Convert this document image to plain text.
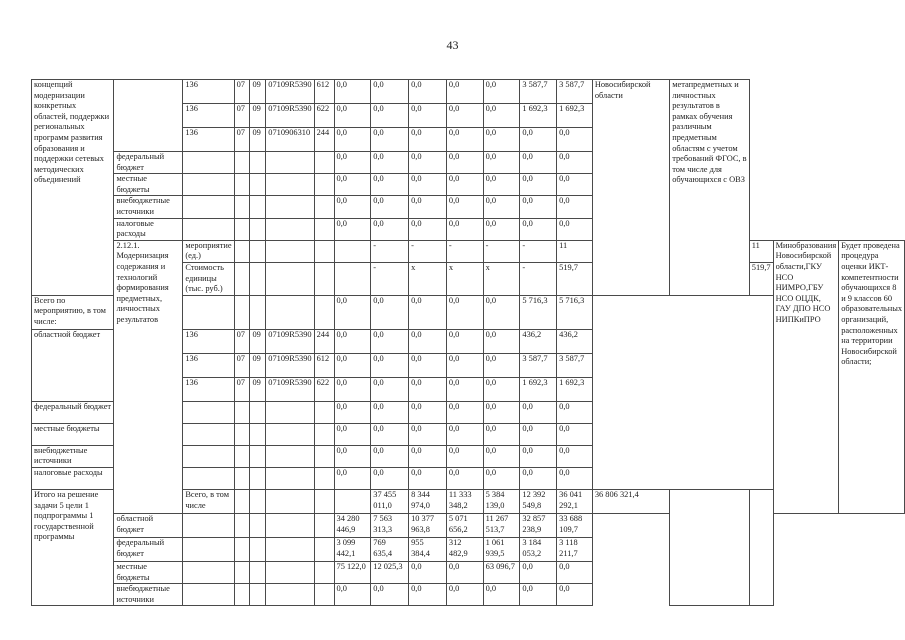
43
концепций модернизации конкретных областей, поддержки региональных программ развития образования и поддержки сетевых методических объединений		136	07	09	07109R5390	612	0,0	0,0	0,0	0,0	0,0	3 587,7	3 587,7	Новосибирской области	метапредметных и личностных результатов в рамках обучения различным предметным областям с учетом требований ФГОС, в том числе для обучающихся с ОВЗ			
		136	07	09	07109R5390	622	0,0	0,0	0,0	0,0	0,0	1 692,3	1 692,3					
		136	07	09	0710906310	244	0,0	0,0	0,0	0,0	0,0	0,0	0,0					
	федеральный бюджет						0,0	0,0	0,0	0,0	0,0	0,0	0,0					
	местные бюджеты						0,0	0,0	0,0	0,0	0,0	0,0	0,0					
	внебюджетные источники						0,0	0,0	0,0	0,0	0,0	0,0	0,0					
	налоговые расходы						0,0	0,0	0,0	0,0	0,0	0,0	0,0					
	2.12.1. Модернизация содержания и технологий формирования предметных, личностных результатов	мероприятие (ед.)						-	-	-	-	-	11			11	Минобразования Новосибирской области,ГКУ НСО НИМРО,ГБУ НСО ОЦДК, ГАУ ДПО НСО НИПКиПРО	Будет проведена процедура оценки ИКТ-компетентности обучающихся 8 и 9 классов 60 образовательных организаций, расположенных на территории Новосибирской области;
		Стоимость единицы (тыс. руб.)						-	x	x	x	-	519,7			519,7		
Всего по мероприятию, в том числе:							0,0	0,0	0,0	0,0	0,0	5 716,3	5 716,3					
областной бюджет		136	07	09	07109R5390	244	0,0	0,0	0,0	0,0	0,0	436,2	436,2					
		136	07	09	07109R5390	612	0,0	0,0	0,0	0,0	0,0	3 587,7	3 587,7					
		136	07	09	07109R5390	622	0,0	0,0	0,0	0,0	0,0	1 692,3	1 692,3					
федеральный бюджет							0,0	0,0	0,0	0,0	0,0	0,0	0,0					
местные бюджеты							0,0	0,0	0,0	0,0	0,0	0,0	0,0					
внебюджетные источники							0,0	0,0	0,0	0,0	0,0	0,0	0,0					
налоговые расходы							0,0	0,0	0,0	0,0	0,0	0,0	0,0					
Итого на решение задачи 5 цели 1 подпрограммы 1 государственной программы		Всего, в том числе						37 455 011,0	8 344 974,0	11 333 348,2	5 384 139,0	12 392 549,8	36 041 292,1	36 806 321,4				
	областной бюджет						34 280 446,9	7 563 313,3	10 377 963,8	5 071 656,2	11 267 513,7	32 857 238,9	33 688 109,7					
	федеральный бюджет						3 099 442,1	769 635,4	955 384,4	312 482,9	1 061 939,5	3 184 053,2	3 118 211,7					
	местные бюджеты						75 122,0	12 025,3	0,0	0,0	63 096,7	0,0	0,0					
	внебюджетные источники						0,0	0,0	0,0	0,0	0,0	0,0	0,0					
